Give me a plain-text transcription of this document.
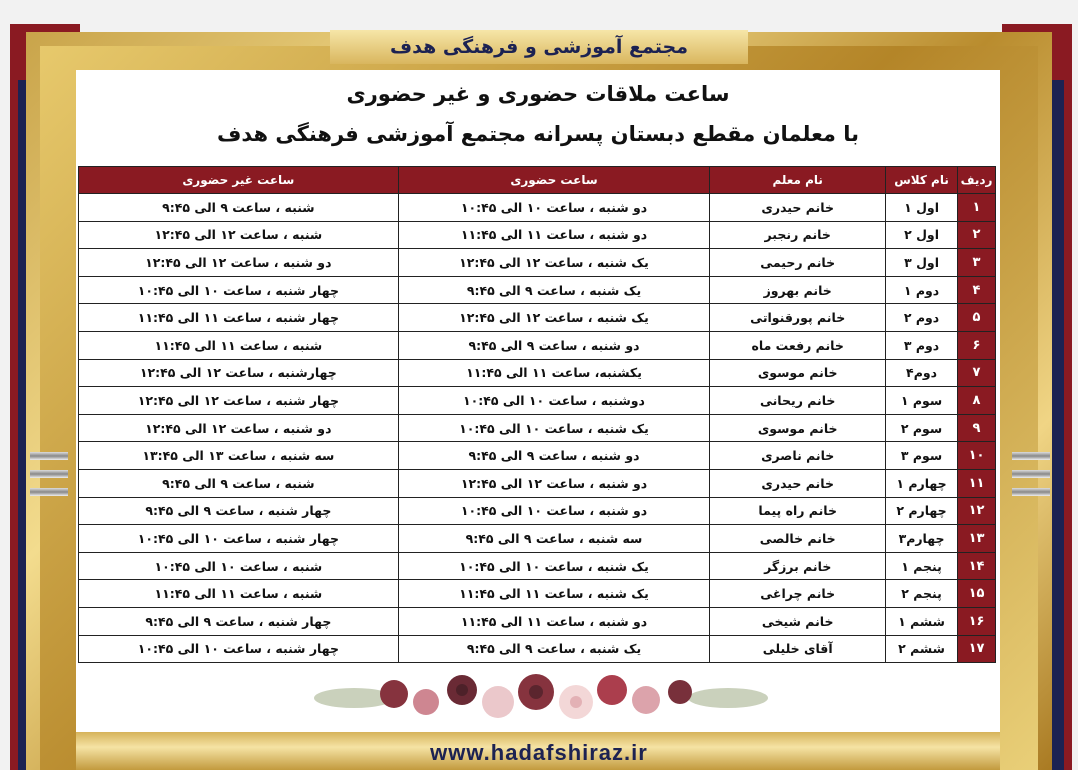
مجتمع آموزشی و فرهنگی هدف
ساعت ملاقات حضوری و غیر حضوری
با معلمان مقطع دبستان پسرانه مجتمع آموزشی فرهنگی هدف
ردیف	نام کلاس	نام معلم	ساعت حضوری	ساعت غیر حضوری
۱	اول ۱	خانم حیدری	دو شنبه ، ساعت ۱۰ الی ۱۰:۴۵	شنبه ، ساعت ۹ الی ۹:۴۵
۲	اول ۲	خانم رنجبر	دو شنبه ، ساعت ۱۱ الی ۱۱:۴۵	شنبه ، ساعت ۱۲ الی ۱۲:۴۵
۳	اول ۳	خانم رحیمی	یک شنبه ، ساعت ۱۲ الی ۱۲:۴۵	دو شنبه ، ساعت ۱۲ الی ۱۲:۴۵
۴	دوم ۱	خانم بهروز	یک شنبه ، ساعت ۹ الی ۹:۴۵	چهار شنبه ، ساعت ۱۰ الی ۱۰:۴۵
۵	دوم ۲	خانم پورقنواتی	یک شنبه ، ساعت ۱۲ الی ۱۲:۴۵	چهار شنبه ، ساعت ۱۱ الی ۱۱:۴۵
۶	دوم ۳	خانم رفعت ماه	دو شنبه ، ساعت ۹ الی ۹:۴۵	شنبه ، ساعت ۱۱ الی ۱۱:۴۵
۷	دوم۴	خانم موسوی	یکشنبه، ساعت ۱۱ الی ۱۱:۴۵	چهارشنبه ، ساعت ۱۲ الی ۱۲:۴۵
۸	سوم ۱	خانم ریحانی	دوشنبه ، ساعت ۱۰ الی ۱۰:۴۵	چهار شنبه ، ساعت ۱۲ الی ۱۲:۴۵
۹	سوم ۲	خانم موسوی	یک شنبه ، ساعت ۱۰ الی ۱۰:۴۵	دو شنبه ، ساعت ۱۲ الی ۱۲:۴۵
۱۰	سوم ۳	خانم ناصری	دو شنبه ، ساعت ۹ الی ۹:۴۵	سه شنبه ، ساعت ۱۳ الی ۱۳:۴۵
۱۱	چهارم ۱	خانم حیدری	دو شنبه ، ساعت ۱۲ الی ۱۲:۴۵	شنبه ، ساعت ۹ الی ۹:۴۵
۱۲	چهارم ۲	خانم راه پیما	دو شنبه ، ساعت ۱۰ الی ۱۰:۴۵	چهار شنبه ، ساعت ۹ الی ۹:۴۵
۱۳	چهارم۳	خانم خالصی	سه شنبه ، ساعت ۹ الی ۹:۴۵	چهار شنبه ، ساعت ۱۰ الی ۱۰:۴۵
۱۴	پنجم ۱	خانم برزگر	یک شنبه ، ساعت ۱۰ الی ۱۰:۴۵	شنبه ، ساعت ۱۰ الی ۱۰:۴۵
۱۵	پنجم ۲	خانم چراغی	یک شنبه ، ساعت ۱۱ الی ۱۱:۴۵	شنبه ، ساعت ۱۱ الی ۱۱:۴۵
۱۶	ششم ۱	خانم شیخی	دو شنبه ، ساعت ۱۱ الی ۱۱:۴۵	چهار شنبه ، ساعت ۹ الی ۹:۴۵
۱۷	ششم ۲	آقای خلیلی	یک شنبه ، ساعت ۹ الی ۹:۴۵	چهار شنبه ، ساعت ۱۰ الی ۱۰:۴۵
www.hadafshiraz.ir
